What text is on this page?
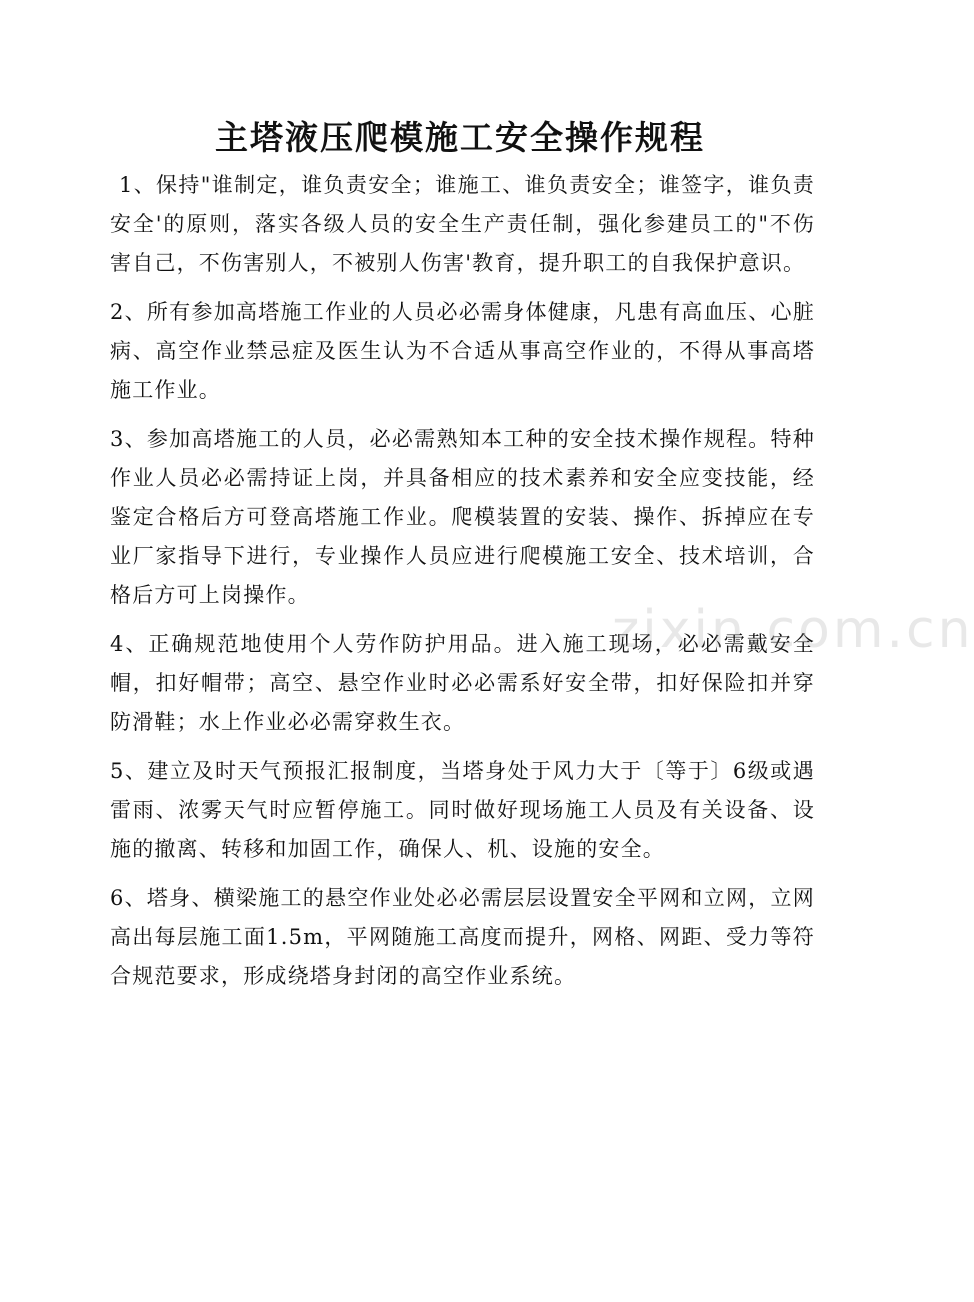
主塔液压爬模施工安全操作规程

1、保持"谁制定，谁负责安全；谁施工、谁负责安全；谁签字，谁负责安全'的原则，落实各级人员的安全生产责任制，强化参建员工的"不伤害自己，不伤害别人，不被别人伤害'教育，提升职工的自我保护意识。

2、所有参加高塔施工作业的人员必必需身体健康，凡患有高血压、心脏病、高空作业禁忌症及医生认为不合适从事高空作业的，不得从事高塔施工作业。

3、参加高塔施工的人员，必必需熟知本工种的安全技术操作规程。特种作业人员必必需持证上岗，并具备相应的技术素养和安全应变技能，经鉴定合格后方可登高塔施工作业。爬模装置的安装、操作、拆掉应在专业厂家指导下进行，专业操作人员应进行爬模施工安全、技术培训，合格后方可上岗操作。

4、正确规范地使用个人劳作防护用品。进入施工现场，必必需戴安全帽，扣好帽带；高空、悬空作业时必必需系好安全带，扣好保险扣并穿防滑鞋；水上作业必必需穿救生衣。

5、建立及时天气预报汇报制度，当塔身处于风力大于〔等于〕6级或遇雷雨、浓雾天气时应暂停施工。同时做好现场施工人员及有关设备、设施的撤离、转移和加固工作，确保人、机、设施的安全。

6、塔身、横梁施工的悬空作业处必必需层层设置安全平网和立网，立网高出每层施工面1.5m，平网随施工高度而提升，网格、网距、受力等符合规范要求，形成绕塔身封闭的高空作业系统。

zixin.com.cn
